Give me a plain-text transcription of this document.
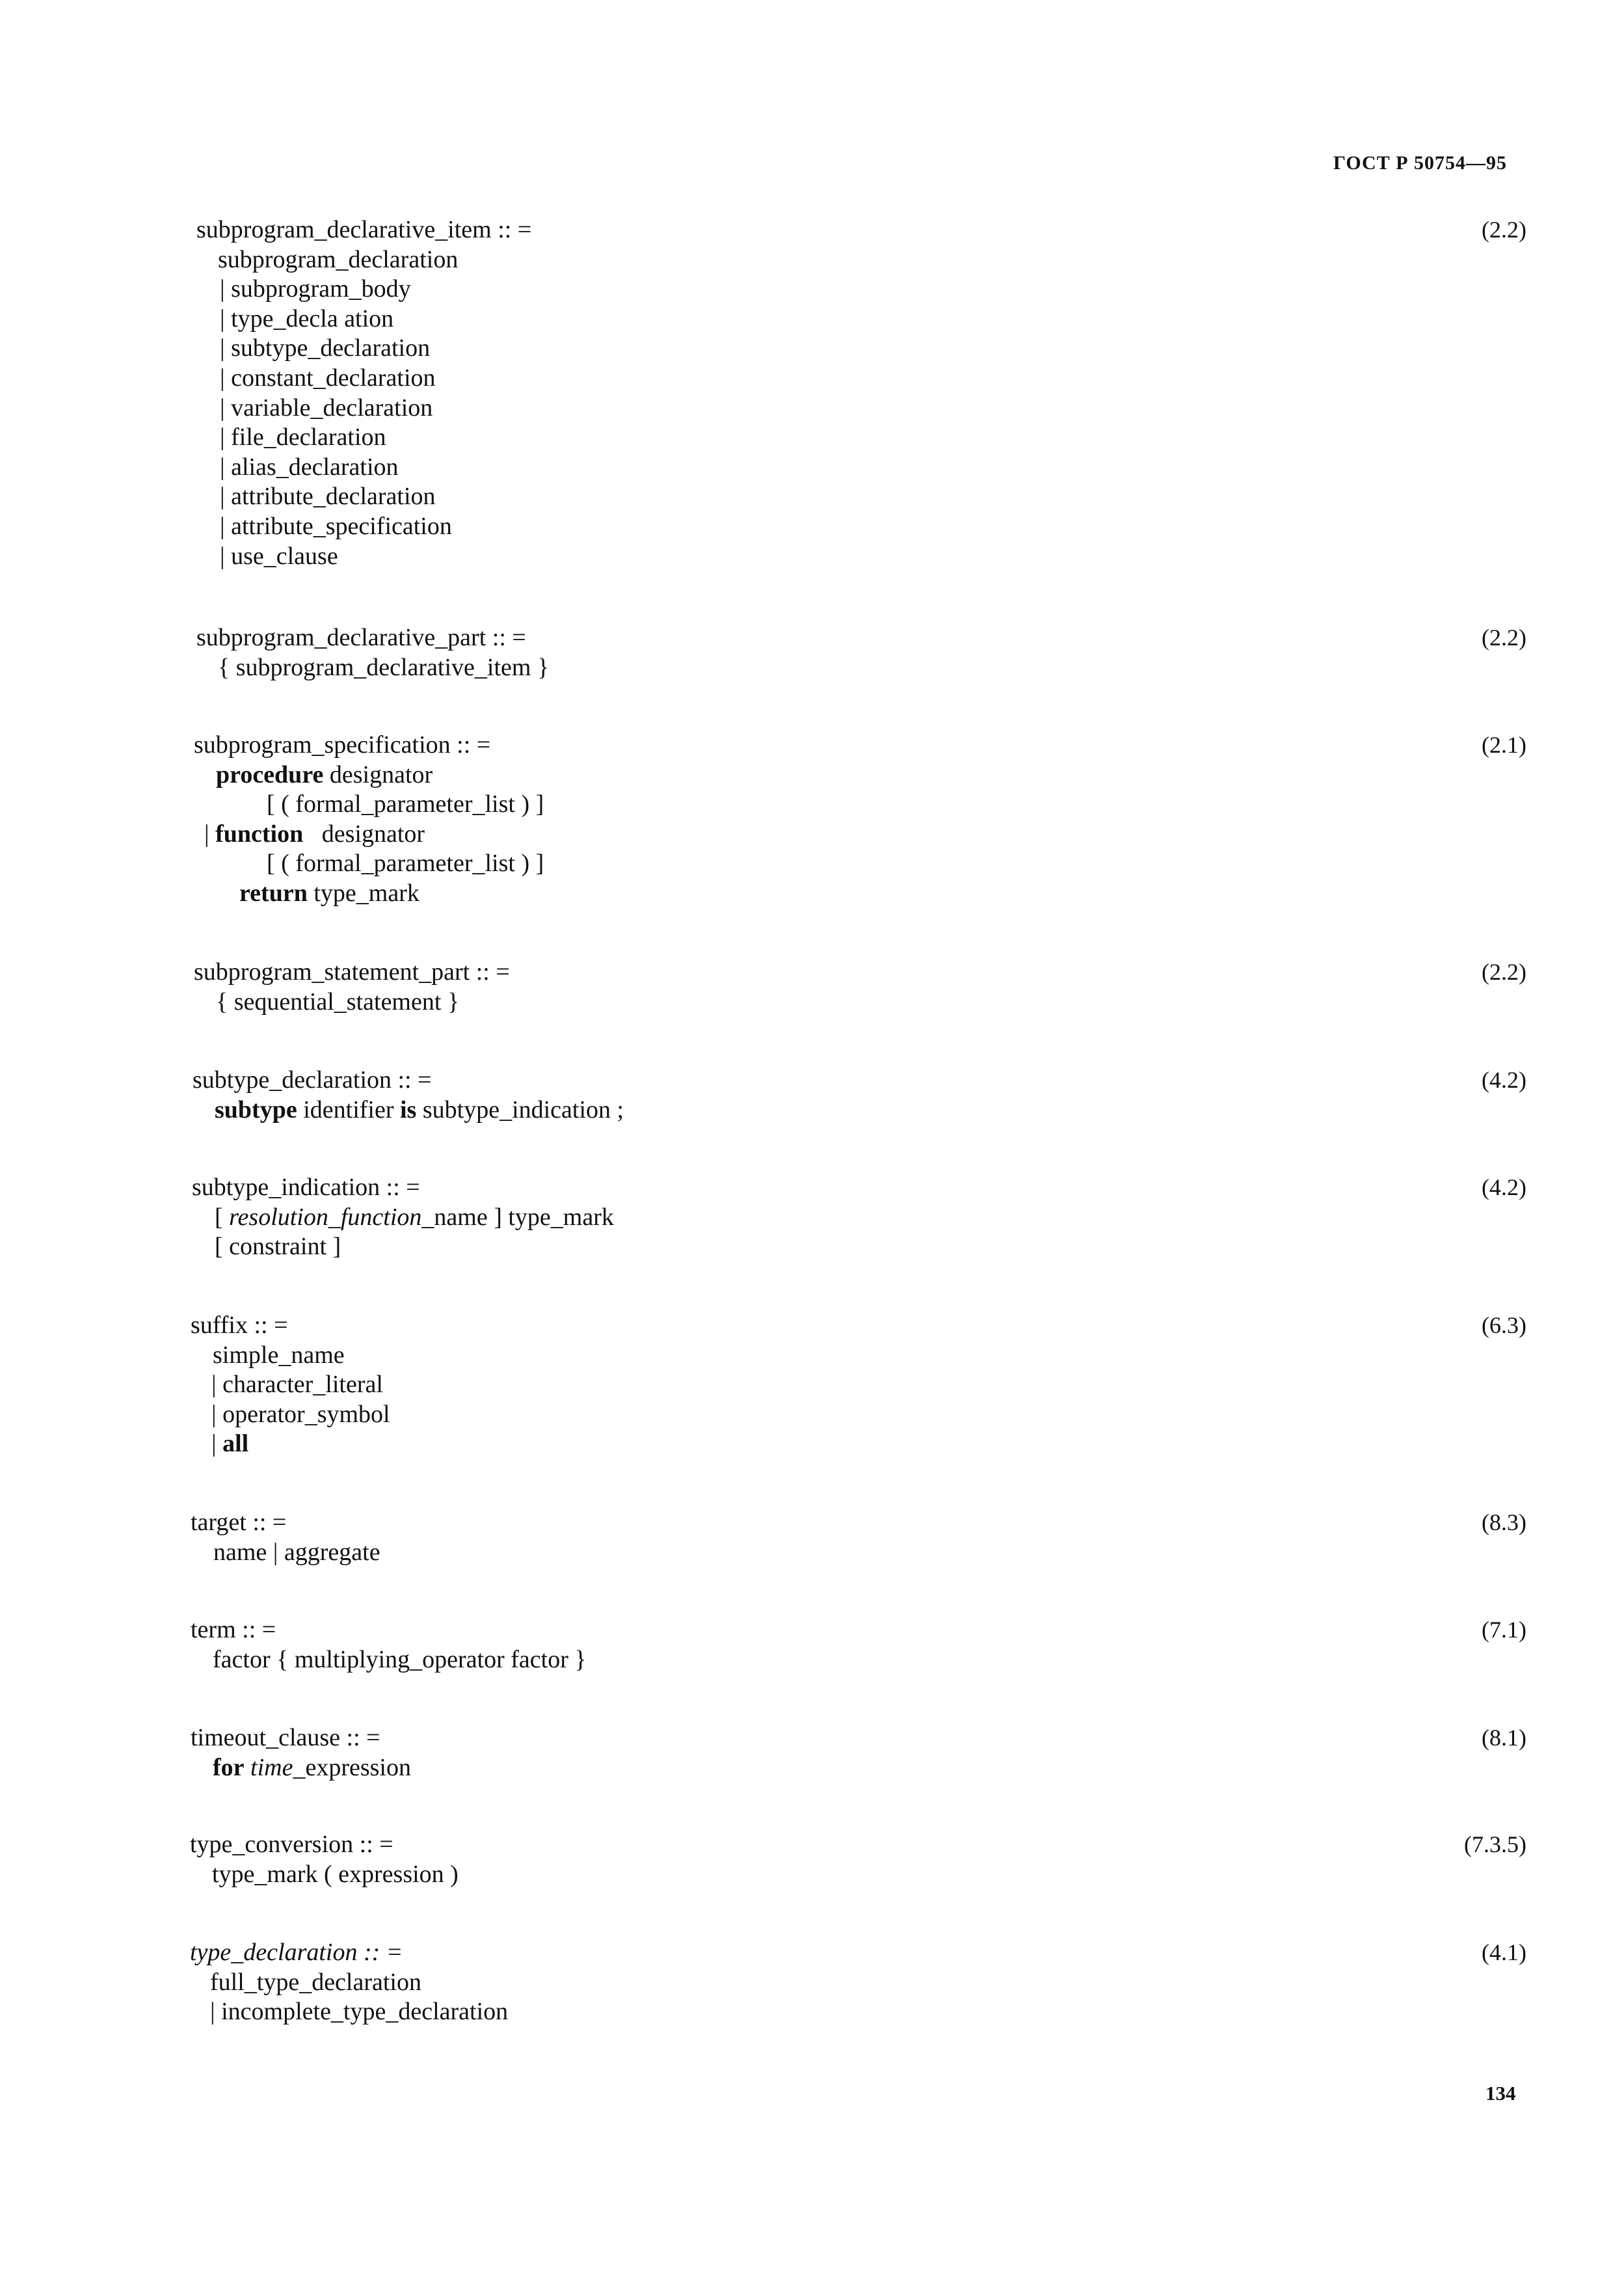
ГОСТ Р 50754—95
subprogram_declarative_item :: =
subprogram_declaration
| subprogram_body
| type_decla ation
| subtype_declaration
| constant_declaration
| variable_declaration
| file_declaration
| alias_declaration
| attribute_declaration
| attribute_specification
| use_clause
(2.2)
subprogram_declarative_part :: =
{ subprogram_declarative_item }
(2.2)
subprogram_specification :: =
procedure designator
[ ( formal_parameter_list ) ]
| function   designator
[ ( formal_parameter_list ) ]
return type_mark
(2.1)
subprogram_statement_part :: =
{ sequential_statement }
(2.2)
subtype_declaration :: =
subtype identifier is subtype_indication ;
(4.2)
subtype_indication :: =
[ resolution_function_name ] type_mark
[ constraint ]
(4.2)
suffix :: =
simple_name
| character_literal
| operator_symbol
| all
(6.3)
target :: =
name | aggregate
(8.3)
term :: =
factor { multiplying_operator factor }
(7.1)
timeout_clause :: =
for time_expression
(8.1)
type_conversion :: =
type_mark ( expression )
(7.3.5)
type_declaration :: =
full_type_declaration
| incomplete_type_declaration
(4.1)
134
